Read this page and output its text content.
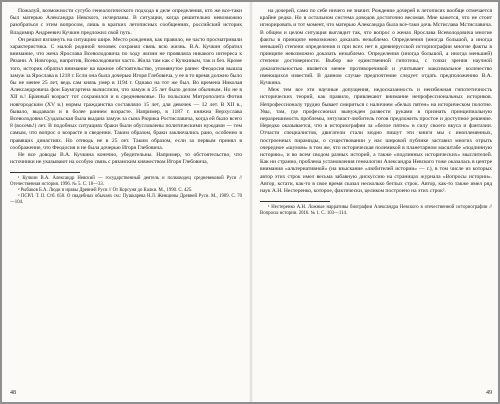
Пожалуй, возможности сугубо генеалогического подхода в деле определения, кто же все-таки был матерью Александра Невского, исчерпаны. В ситуации, когда решительно невозможно разобраться с этим вопросом, лишь в кратких летописных сообщениях, российский историк Владимир Андреевич Кучкин предложил свой путь.

Он решил взглянуть на ситуацию шире. Место рождения, как правило, не часто просматривали характеристика. С малой родиной человек сохранял связь всю жизнь. В.А. Кучкин обратил внимание, что жена Ярослава Всеволодовича по ходу жизни не проявляла никакого интереса к Рязани. А Новгород, напротив, Всеволодовичи часто. Жила там как с Кучкиным, так и без. Кроме того, историк обратил внимание на важное обстоятельство, упомянутое ранее: Феодосия вышла замуж за Ярослава в 1218 г. Если она была дочерью Игоря Глебовича, у ее в то время должно было бы не менее 25 лет, ведь сам князь умер в 1194 г. Однако на тот же был. Во времена Николая Александровича фон Баумгартена вычислили, что замуж в 25 лет было делом обычным. Но не в XII в.! Брачный возраст тот сохранился и в средневековье. По польским Митрополита Фотия новгородским (XV в.) нормы гражданства составляло 15 лет, для девочек — 12 лет. В XII в., бывало, выдавали и в более раннем возрасте. Например, в 1187 г. княжна Верхуслава Всеволодовна Суздальская была выдана замуж за сына Рюрика Ростиславича, когда ей было всего 8 (восемь!) лет. В подобных ситуациях браки были обусловлены политическими нуждами — тем самым, что вопрос о возрасте в сведении. Таким образом, браки заключались рано, особенно в правящих династиях. Но отнюдь не в 25 лет. Таким образом, если за первым принял в соображение, что Феодосия и не была дочерью Игоря Глебовича.

Не все доводы В.А. Кучкина конечно, убедительны. Например, то обстоятельство, что источники не указывают на особую связь с рязанским княжеством Игоря Глебовича,

¹ Кучкин В.А. Александр Невский — государственный деятель и полководец средневековой Руси // Отечественная история. 1996. № 5. С. 18—33.

² Рыбаков Б.А. Люди и нравы Древней Руси // От Корсуня до Калки. М., 1990. С. 425.

³ ПСРЛ. Т. II. Стб. 658. О свадебных обычаях см.: Пушкарева Н.Л. Женщины Древней Руси. М., 1989. С. 70—104.

48

на дочерей, само по себе ничего не значит. Рождение дочерей в летописях вообще отмечается крайне редко. Но в остальном система доводов достаточно весомая. Мне кажется, что не стоит игнорировать и тот момент, что матерью Александра была все-таки дочь Мстислава Мстиславича. В общем и целом ситуация выглядит так, что вопрос о женах Ярослава Всеволодовича многие факты в принципе невозможно доказать незыблемо. Определения (иногда большой, а иногда меньшей) степени определения и при всех нет в древнерусской историографии многие факты в принципе невозможно доказать незыблемо. Определения (иногда большой, а иногда меньшей) степени достоверности. Выбор же единственной гипотезы, с точки зрения научной доказательностью является менее противоречивой и учитывает максимальное количество имеющихся известий. В данном случае предпочтение следует отдать предположению В.А. Кучкина.

Меж тем все эти научные допущения, недосказанность и неизбежная гипотетичность исторических теорий, как правило, привлекают внимание непрофессиональных историков. Непрофессионалу трудно бывает смириться с наличием «белых пятен» на историческом полотне. Увы, там, где профессионал вынужден развести руками в признать принципиальную неразрешимость проблемы, энтузиаст-любитель готов предложить простое и доступное решение. Нередко оказывается, что в историографии за «белое пятно» в силу своего вкуса и фантазии. Отчасти специалистов, двигатели стали модно пишут эти книги мы с иноплеменных, построенных пирамиды, о существовании у нас широкой публике заставил многих отрыть очередное «шумом» в том же, что историческая полемикой в планетарном масштабе «подлинную историю», и во всем сводом разных историй, а также «подлинных исторических» мыслителей. Как ни странно, проблема установления генеалогии Александра Невского тоже оказалась в центре внимания «альтернативной» (на взыскание «любителей истории» — г.), в том числе из которых автор этих строк имел весьма забавную дискуссию на страницах журнала «Вопросы истории». Автор, кстати, как-то в свое время сказал несколько беглых строк. Автор, как-то также имел ряд наук А.Н. Нестеренко, которое, фактически, целиком построено на этих строк².

¹ Нестеренко А.Н. Ложные нарративы биографии Александра Невского в отечественной историографии // Вопросы истории. 2016. № 1. С. 103—114.

49
